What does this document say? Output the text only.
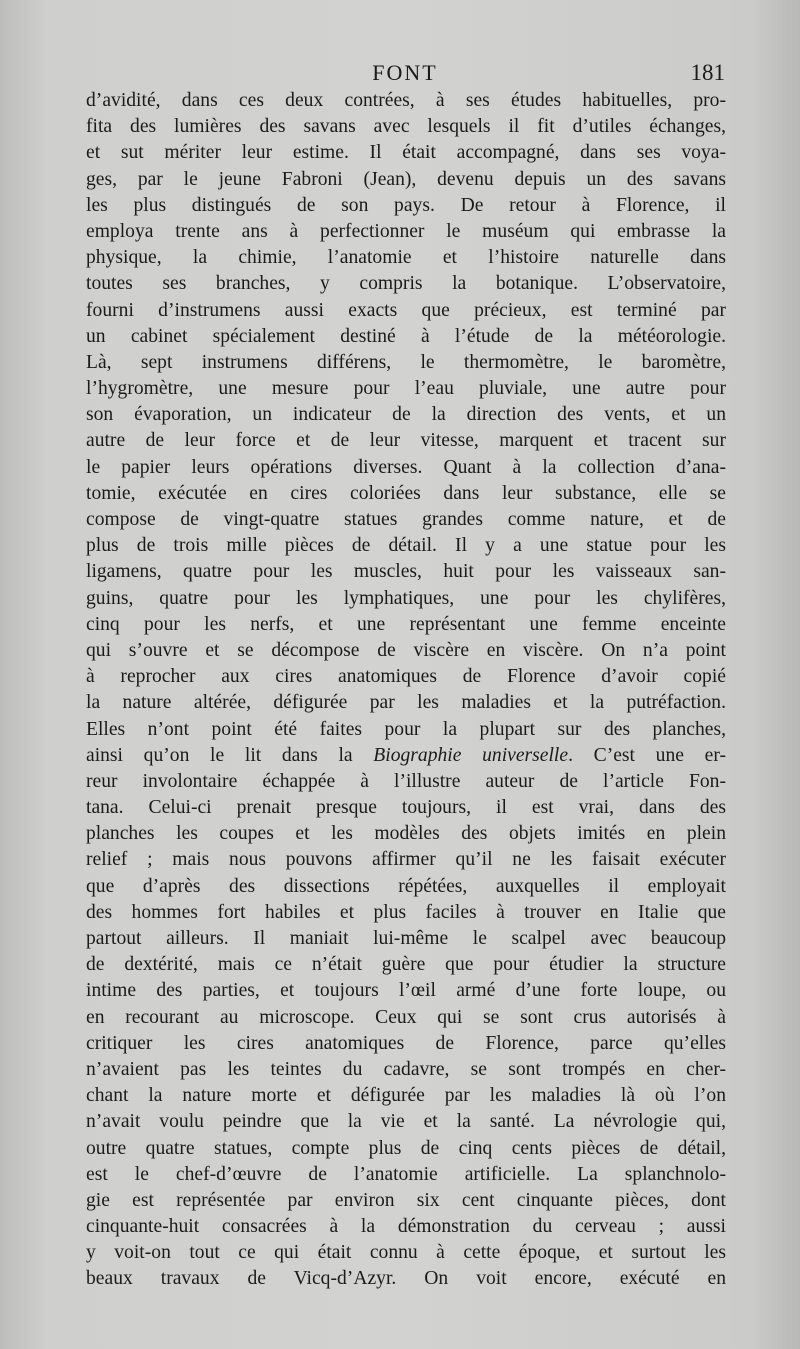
FONT	181
d’avidité, dans ces deux contrées, à ses études habituelles, pro-
fita des lumières des savans avec lesquels il fit d’utiles échanges,
et sut mériter leur estime. Il était accompagné, dans ses voya-
ges, par le jeune Fabroni (Jean), devenu depuis un des savans
les plus distingués de son pays. De retour à Florence, il
employa trente ans à perfectionner le muséum qui embrasse la
physique, la chimie, l’anatomie et l’histoire naturelle dans
toutes ses branches, y compris la botanique. L’observatoire,
fourni d’instrumens aussi exacts que précieux, est terminé par
un cabinet spécialement destiné à l’étude de la météorologie.
Là, sept instrumens différens, le thermomètre, le baromètre,
l’hygromètre, une mesure pour l’eau pluviale, une autre pour
son évaporation, un indicateur de la direction des vents, et un
autre de leur force et de leur vitesse, marquent et tracent sur
le papier leurs opérations diverses. Quant à la collection d’ana-
tomie, exécutée en cires coloriées dans leur substance, elle se
compose de vingt-quatre statues grandes comme nature, et de
plus de trois mille pièces de détail. Il y a une statue pour les
ligamens, quatre pour les muscles, huit pour les vaisseaux san-
guins, quatre pour les lymphatiques, une pour les chylifères,
cinq pour les nerfs, et une représentant une femme enceinte
qui s’ouvre et se décompose de viscère en viscère. On n’a point
à reprocher aux cires anatomiques de Florence d’avoir copié
la nature altérée, défigurée par les maladies et la putréfaction.
Elles n’ont point été faites pour la plupart sur des planches,
ainsi qu’on le lit dans la Biographie universelle. C’est une er-
reur involontaire échappée à l’illustre auteur de l’article Fon-
tana. Celui-ci prenait presque toujours, il est vrai, dans des
planches les coupes et les modèles des objets imités en plein
relief ; mais nous pouvons affirmer qu’il ne les faisait exécuter
que d’après des dissections répétées, auxquelles il employait
des hommes fort habiles et plus faciles à trouver en Italie que
partout ailleurs. Il maniait lui-même le scalpel avec beaucoup
de dextérité, mais ce n’était guère que pour étudier la structure
intime des parties, et toujours l’œil armé d’une forte loupe, ou
en recourant au microscope. Ceux qui se sont crus autorisés à
critiquer les cires anatomiques de Florence, parce qu’elles
n’avaient pas les teintes du cadavre, se sont trompés en cher-
chant la nature morte et défigurée par les maladies là où l’on
n’avait voulu peindre que la vie et la santé. La névrologie qui,
outre quatre statues, compte plus de cinq cents pièces de détail,
est le chef-d’œuvre de l’anatomie artificielle. La splanchnolo-
gie est représentée par environ six cent cinquante pièces, dont
cinquante-huit consacrées à la démonstration du cerveau ; aussi
y voit-on tout ce qui était connu à cette époque, et surtout les
beaux travaux de Vicq-d’Azyr. On voit encore, exécuté en
